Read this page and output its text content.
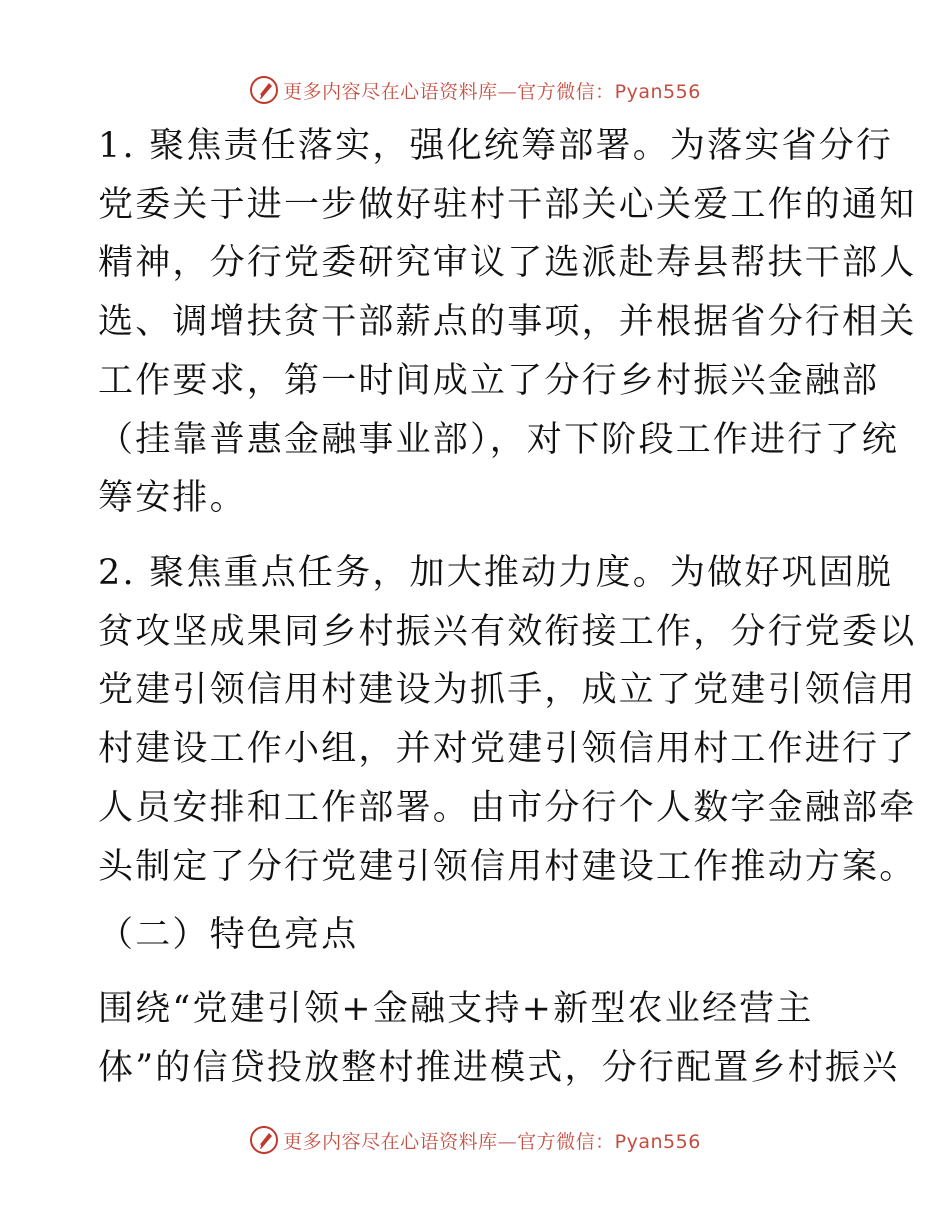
更多内容尽在心语资料库—官方微信：Pyan556
1. 聚焦责任落实，强化统筹部署。为落实省分行
党委关于进一步做好驻村干部关心关爱工作的通知
精神，分行党委研究审议了选派赴寿县帮扶干部人
选、调增扶贫干部薪点的事项，并根据省分行相关
工作要求，第一时间成立了分行乡村振兴金融部
（挂靠普惠金融事业部），对下阶段工作进行了统
筹安排。
2. 聚焦重点任务，加大推动力度。为做好巩固脱
贫攻坚成果同乡村振兴有效衔接工作，分行党委以
党建引领信用村建设为抓手，成立了党建引领信用
村建设工作小组，并对党建引领信用村工作进行了
人员安排和工作部署。由市分行个人数字金融部牵
头制定了分行党建引领信用村建设工作推动方案。
（二）特色亮点
围绕“党建引领+金融支持+新型农业经营主
体”的信贷投放整村推进模式，分行配置乡村振兴
更多内容尽在心语资料库—官方微信：Pyan556
